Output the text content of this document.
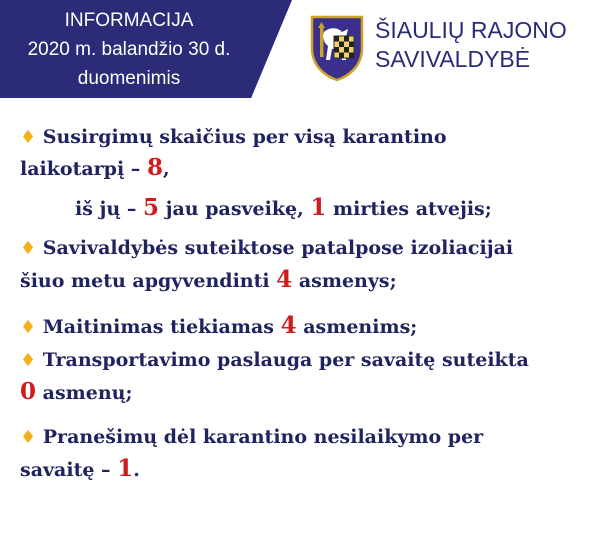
INFORMACIJA
2020 m. balandžio 30 d.
duomenimis
ŠIAULIŲ RAJONO
SAVIVALDYBĖ
♦ Susirgimų skaičius per visą karantino
laikotarpį – 8,
iš jų – 5 jau pasveikę, 1 mirties atvejis;
♦ Savivaldybės suteiktose patalpose izoliacijai
šiuo metu apgyvendinti 4 asmenys;
♦ Maitinimas tiekiamas 4 asmenims;
♦ Transportavimo paslauga per savaitę suteikta
0 asmenų;
♦ Pranešimų dėl karantino nesilaikymo per
savaitę – 1.
